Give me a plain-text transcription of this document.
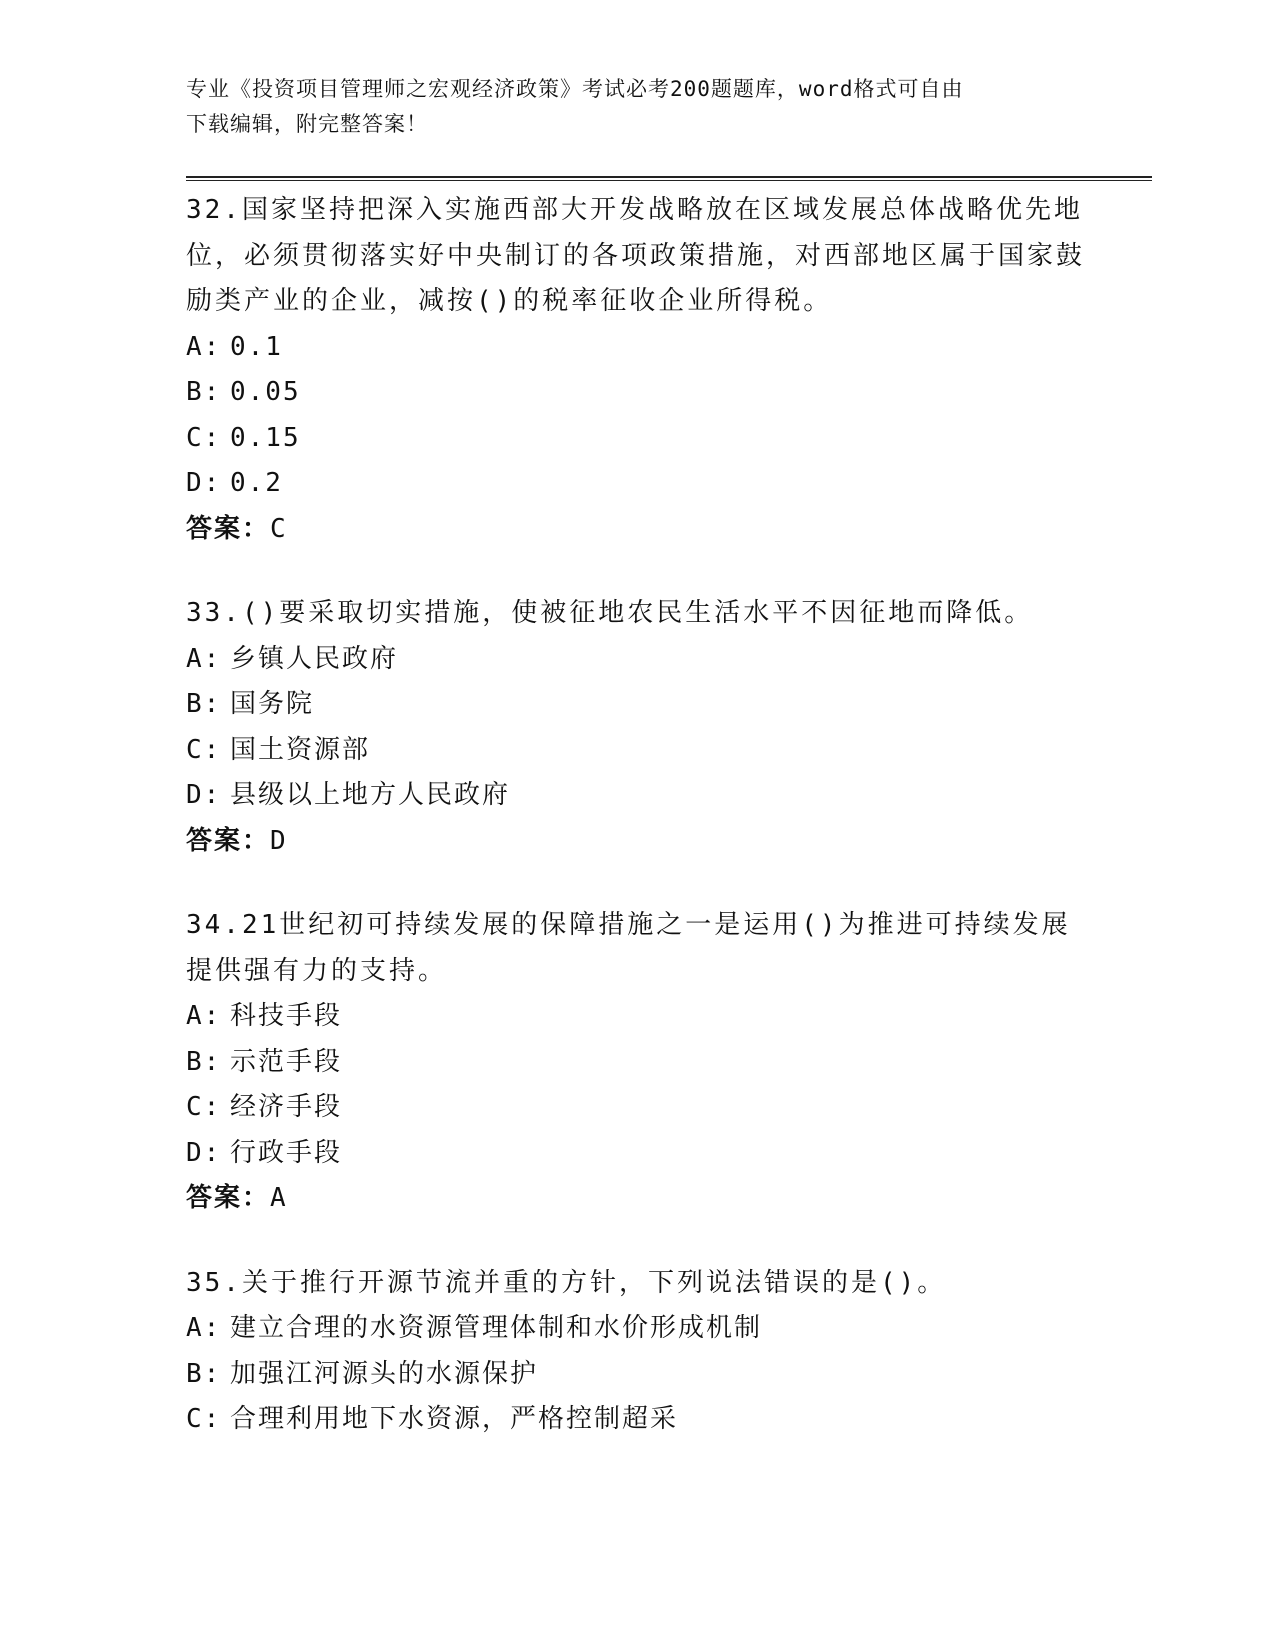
专业《投资项目管理师之宏观经济政策》考试必考200题题库，word格式可自由
下载编辑，附完整答案！

32.国家坚持把深入实施西部大开发战略放在区域发展总体战略优先地位，必须贯彻落实好中央制订的各项政策措施，对西部地区属于国家鼓励类产业的企业，减按()的税率征收企业所得税。

A: 0.1
B: 0.05
C: 0.15
D: 0.2
答案：C

33.()要采取切实措施，使被征地农民生活水平不因征地而降低。

A: 乡镇人民政府
B: 国务院
C: 国土资源部
D: 县级以上地方人民政府
答案：D

34.21世纪初可持续发展的保障措施之一是运用()为推进可持续发展提供强有力的支持。

A: 科技手段
B: 示范手段
C: 经济手段
D: 行政手段
答案：A

35.关于推行开源节流并重的方针，下列说法错误的是()。

A: 建立合理的水资源管理体制和水价形成机制
B: 加强江河源头的水源保护
C: 合理利用地下水资源，严格控制超采
